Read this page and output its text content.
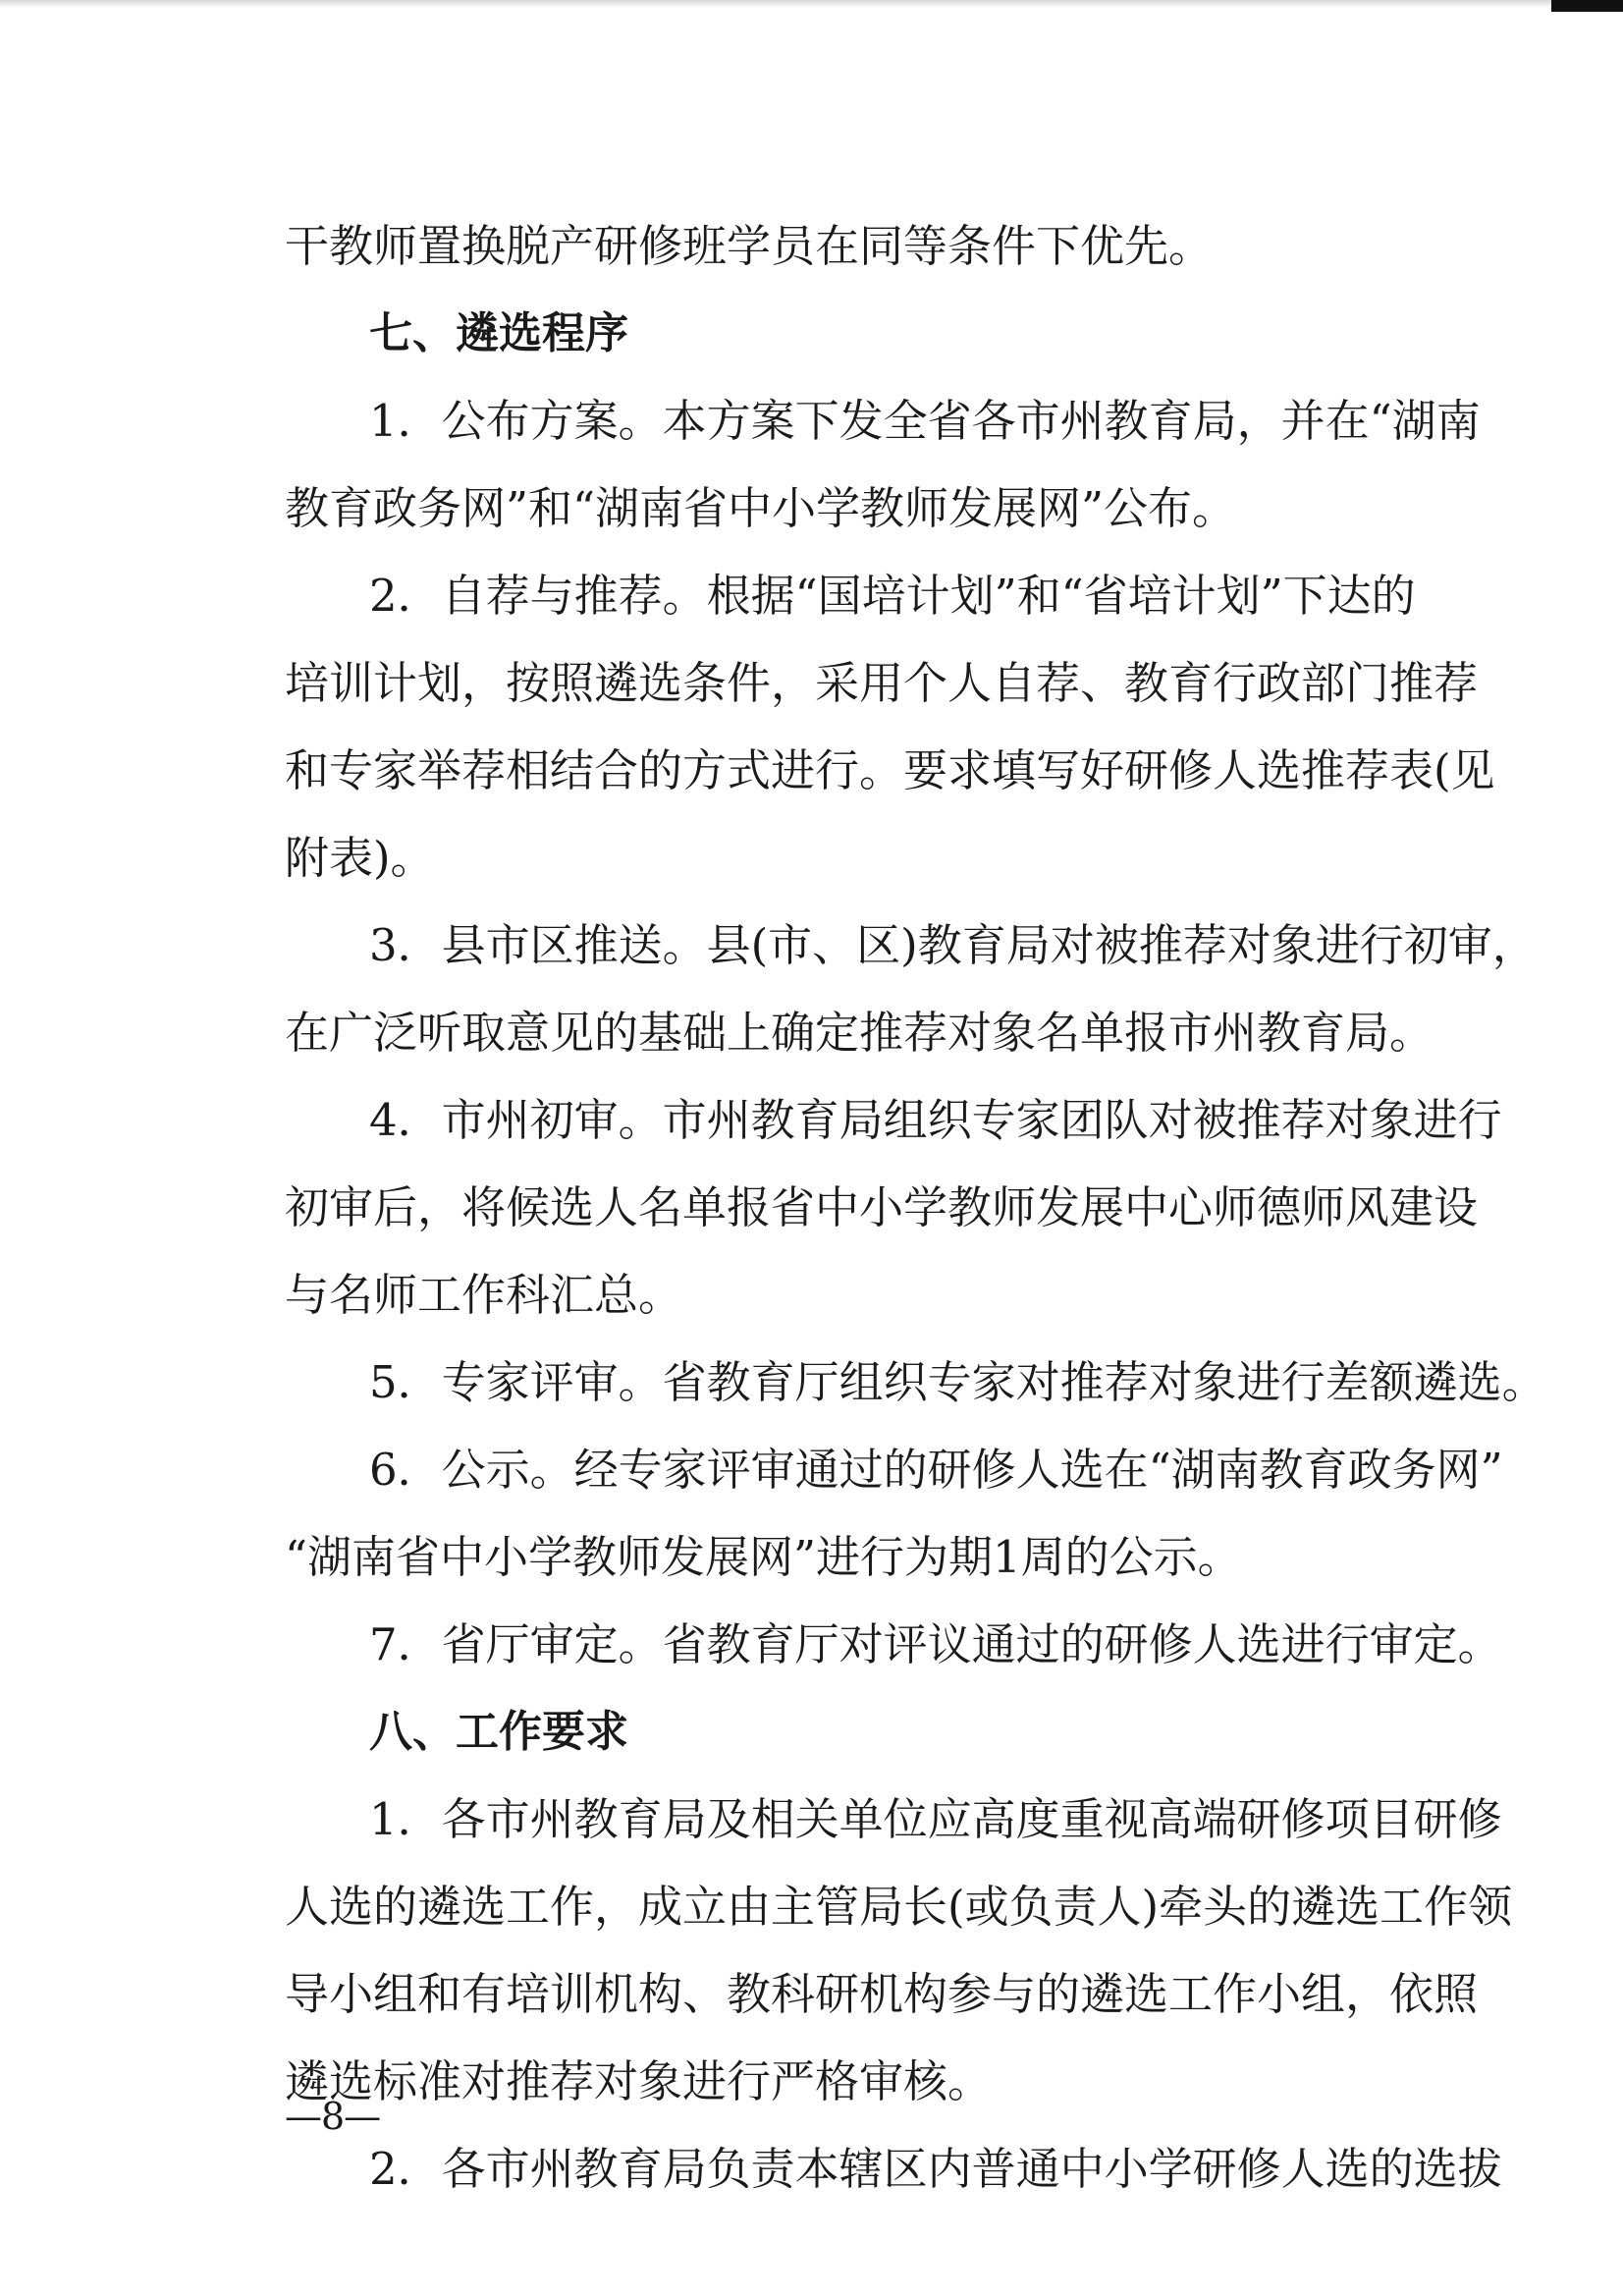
干教师置换脱产研修班学员在同等条件下优先。

七、遴选程序

1．公布方案。本方案下发全省各市州教育局，并在“湖南

教育政务网”和“湖南省中小学教师发展网”公布。

2．自荐与推荐。根据“国培计划”和“省培计划”下达的

培训计划，按照遴选条件，采用个人自荐、教育行政部门推荐

和专家举荐相结合的方式进行。要求填写好研修人选推荐表(见

附表)。

3．县市区推送。县(市、区)教育局对被推荐对象进行初审，

在广泛听取意见的基础上确定推荐对象名单报市州教育局。

4．市州初审。市州教育局组织专家团队对被推荐对象进行

初审后，将候选人名单报省中小学教师发展中心师德师风建设

与名师工作科汇总。

5．专家评审。省教育厅组织专家对推荐对象进行差额遴选。

6．公示。经专家评审通过的研修人选在“湖南教育政务网”

“湖南省中小学教师发展网”进行为期1周的公示。

7．省厅审定。省教育厅对评议通过的研修人选进行审定。

八、工作要求

1．各市州教育局及相关单位应高度重视高端研修项目研修

人选的遴选工作，成立由主管局长(或负责人)牵头的遴选工作领

导小组和有培训机构、教科研机构参与的遴选工作小组，依照

遴选标准对推荐对象进行严格审核。

2．各市州教育局负责本辖区内普通中小学研修人选的选拔

—8—
